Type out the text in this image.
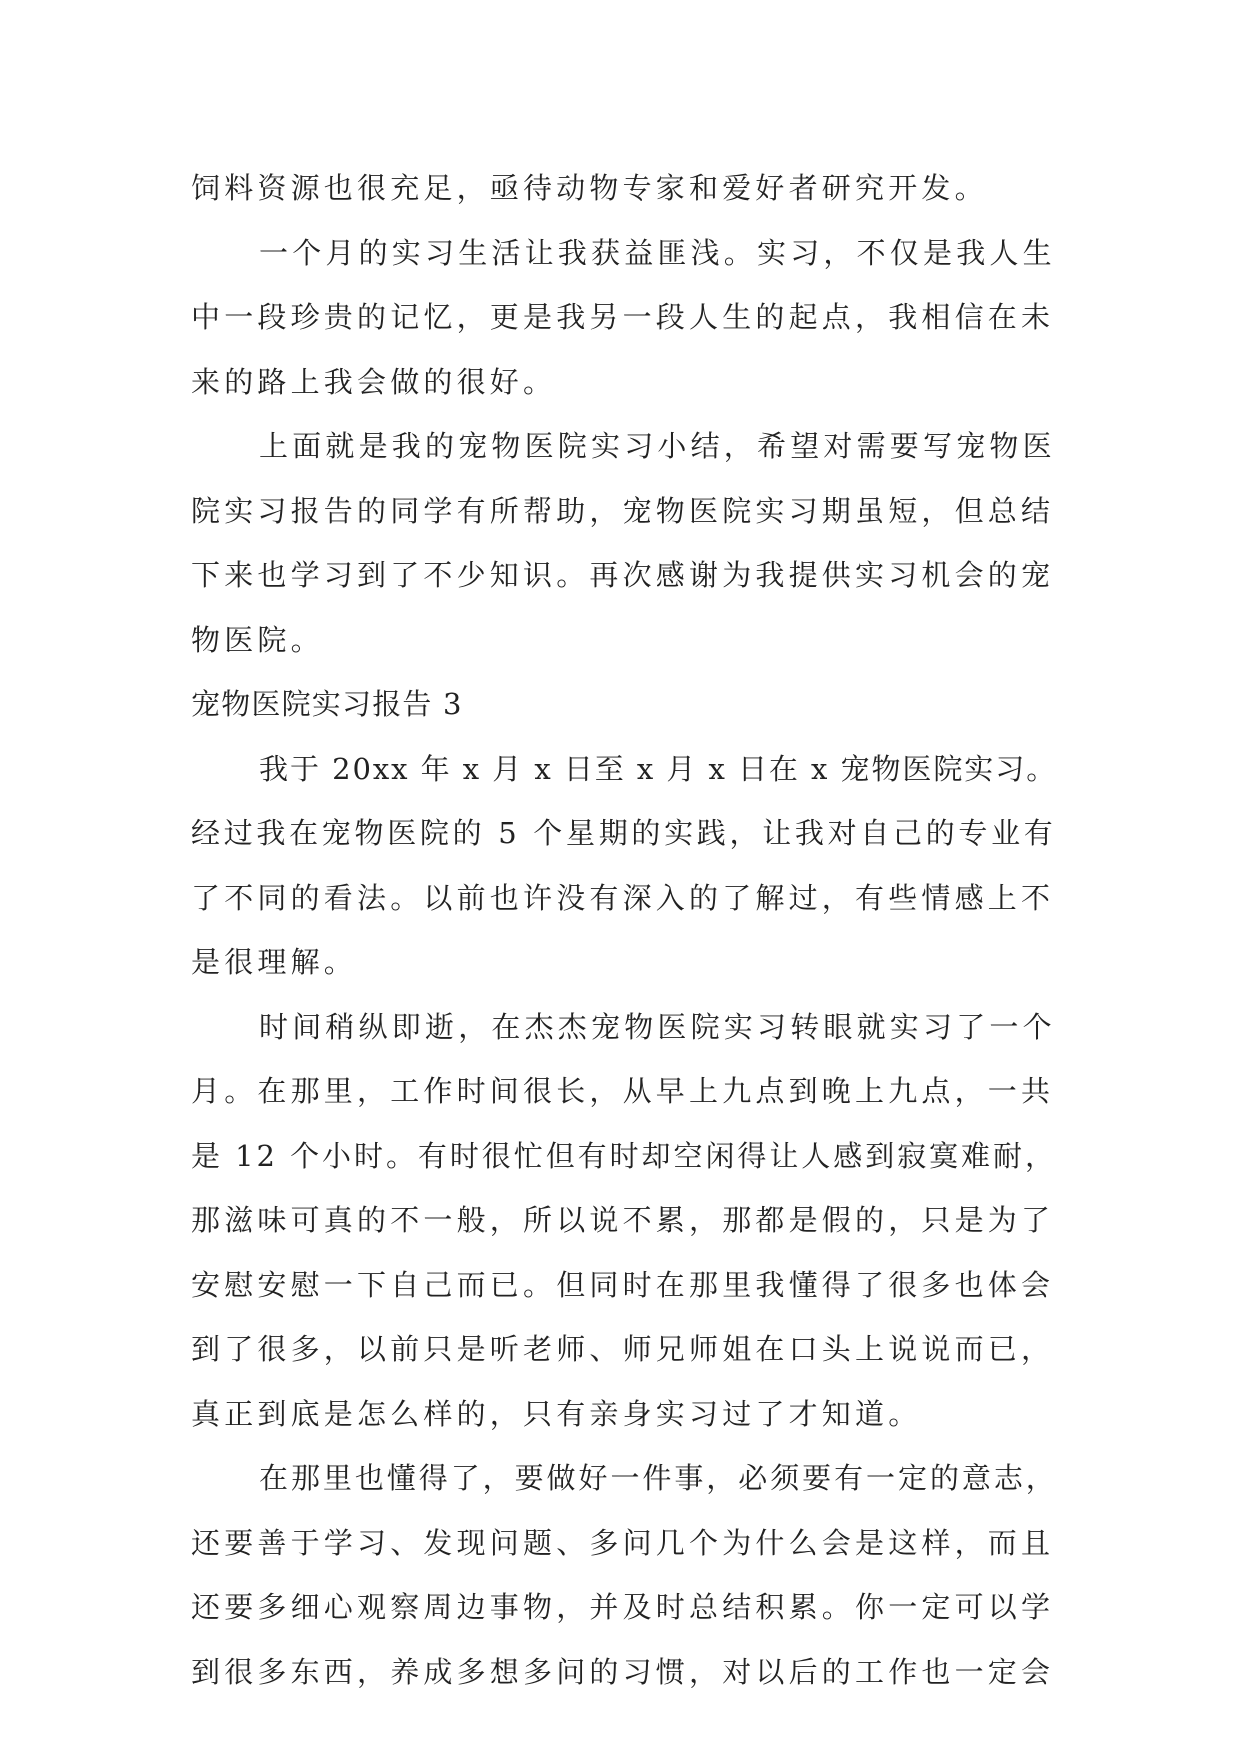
饲料资源也很充足，亟待动物专家和爱好者研究开发。
一个月的实习生活让我获益匪浅。实习，不仅是我人生
中一段珍贵的记忆，更是我另一段人生的起点，我相信在未
来的路上我会做的很好。
上面就是我的宠物医院实习小结，希望对需要写宠物医
院实习报告的同学有所帮助，宠物医院实习期虽短，但总结
下来也学习到了不少知识。再次感谢为我提供实习机会的宠
物医院。
宠物医院实习报告 3
我于 20xx 年 x 月 x 日至 x 月 x 日在 x 宠物医院实习。
经过我在宠物医院的 5 个星期的实践，让我对自己的专业有
了不同的看法。以前也许没有深入的了解过，有些情感上不
是很理解。
时间稍纵即逝，在杰杰宠物医院实习转眼就实习了一个
月。在那里，工作时间很长，从早上九点到晚上九点，一共
是 12 个小时。有时很忙但有时却空闲得让人感到寂寞难耐，
那滋味可真的不一般，所以说不累，那都是假的，只是为了
安慰安慰一下自己而已。但同时在那里我懂得了很多也体会
到了很多，以前只是听老师、师兄师姐在口头上说说而已，
真正到底是怎么样的，只有亲身实习过了才知道。
在那里也懂得了，要做好一件事，必须要有一定的意志，
还要善于学习、发现问题、多问几个为什么会是这样，而且
还要多细心观察周边事物，并及时总结积累。你一定可以学
到很多东西，养成多想多问的习惯，对以后的工作也一定会
